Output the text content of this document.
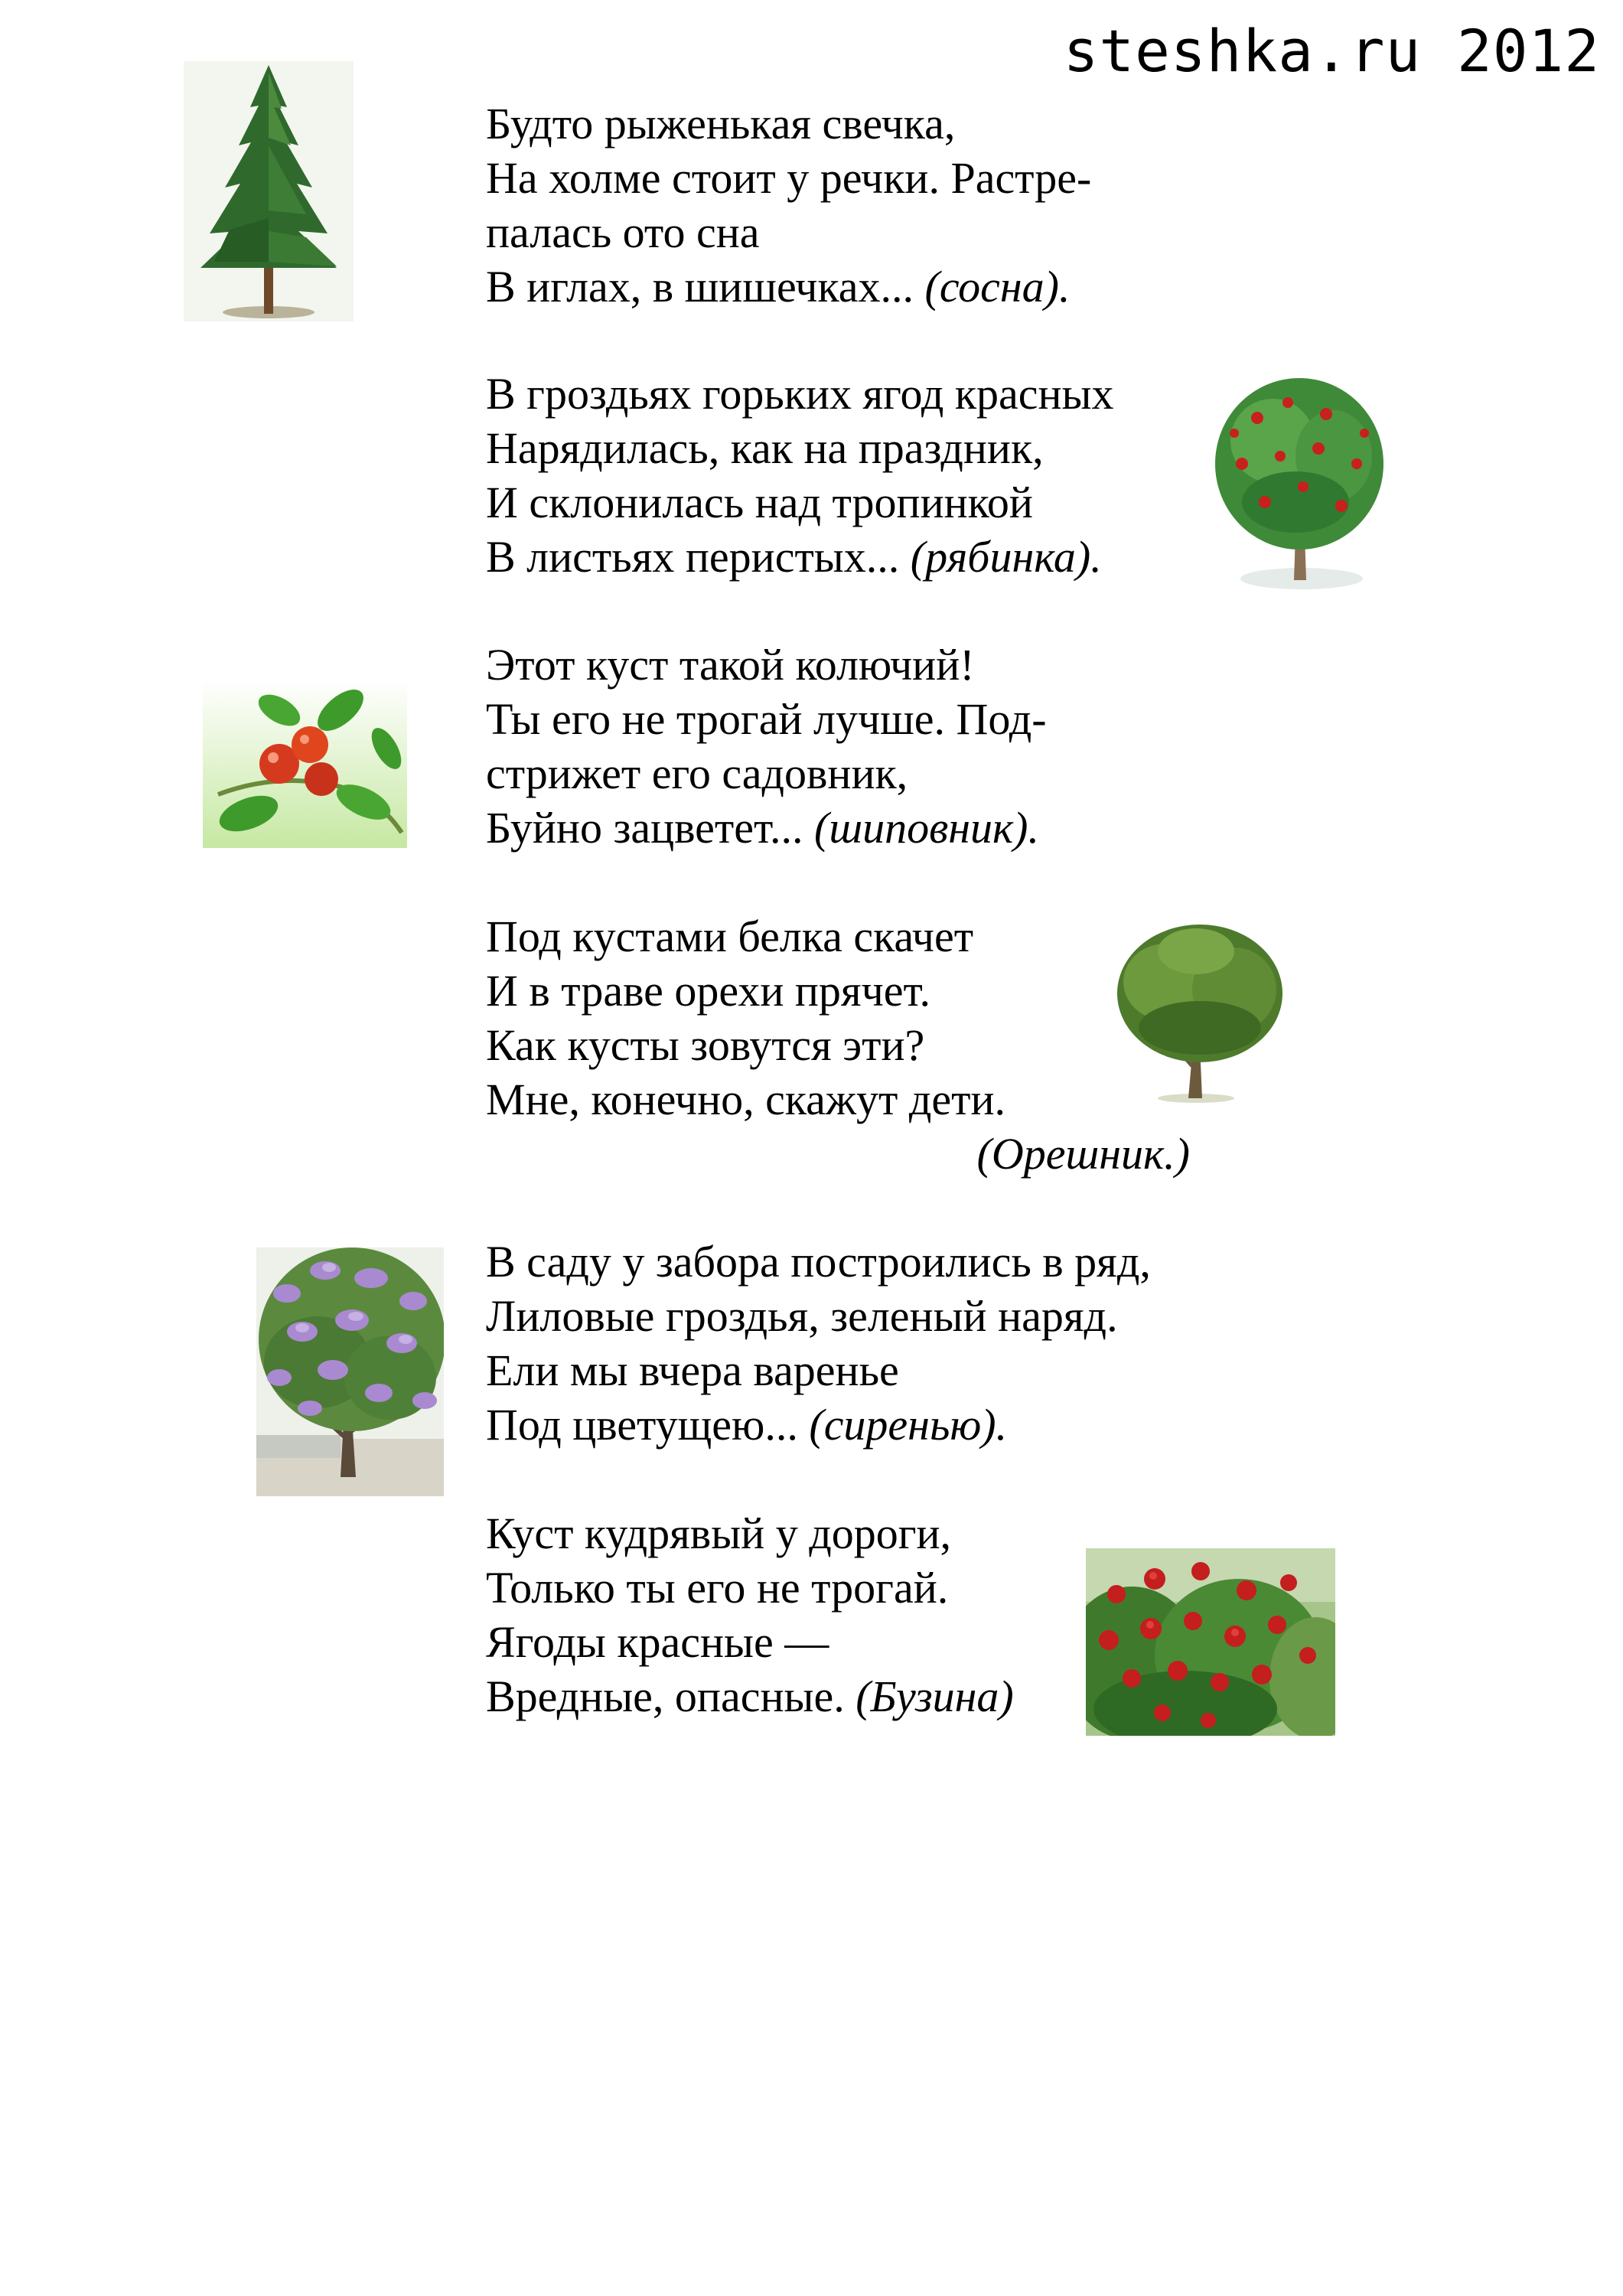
steshka.ru 2012
Будто рыженькая свечка,
На холме стоит у речки. Растре-
палась ото сна
В иглах, в шишечках... (сосна).
В гроздьях горьких ягод красных
Нарядилась, как на праздник,
И склонилась над тропинкой
В листьях перистых... (рябинка).
Этот куст такой колючий!
Ты его не трогай лучше. Под-
стрижет его садовник,
Буйно зацветет... (шиповник).
Под кустами белка скачет
И в траве орехи прячет.
Как кусты зовутся эти?
Мне, конечно, скажут дети.
(Орешник.)
В саду у забора построились в ряд,
Лиловые гроздья, зеленый наряд.
Ели мы вчера варенье
Под цветущею... (сиренью).
Куст кудрявый у дороги,
Только ты его не трогай.
Ягоды красные —
Вредные, опасные. (Бузина)
